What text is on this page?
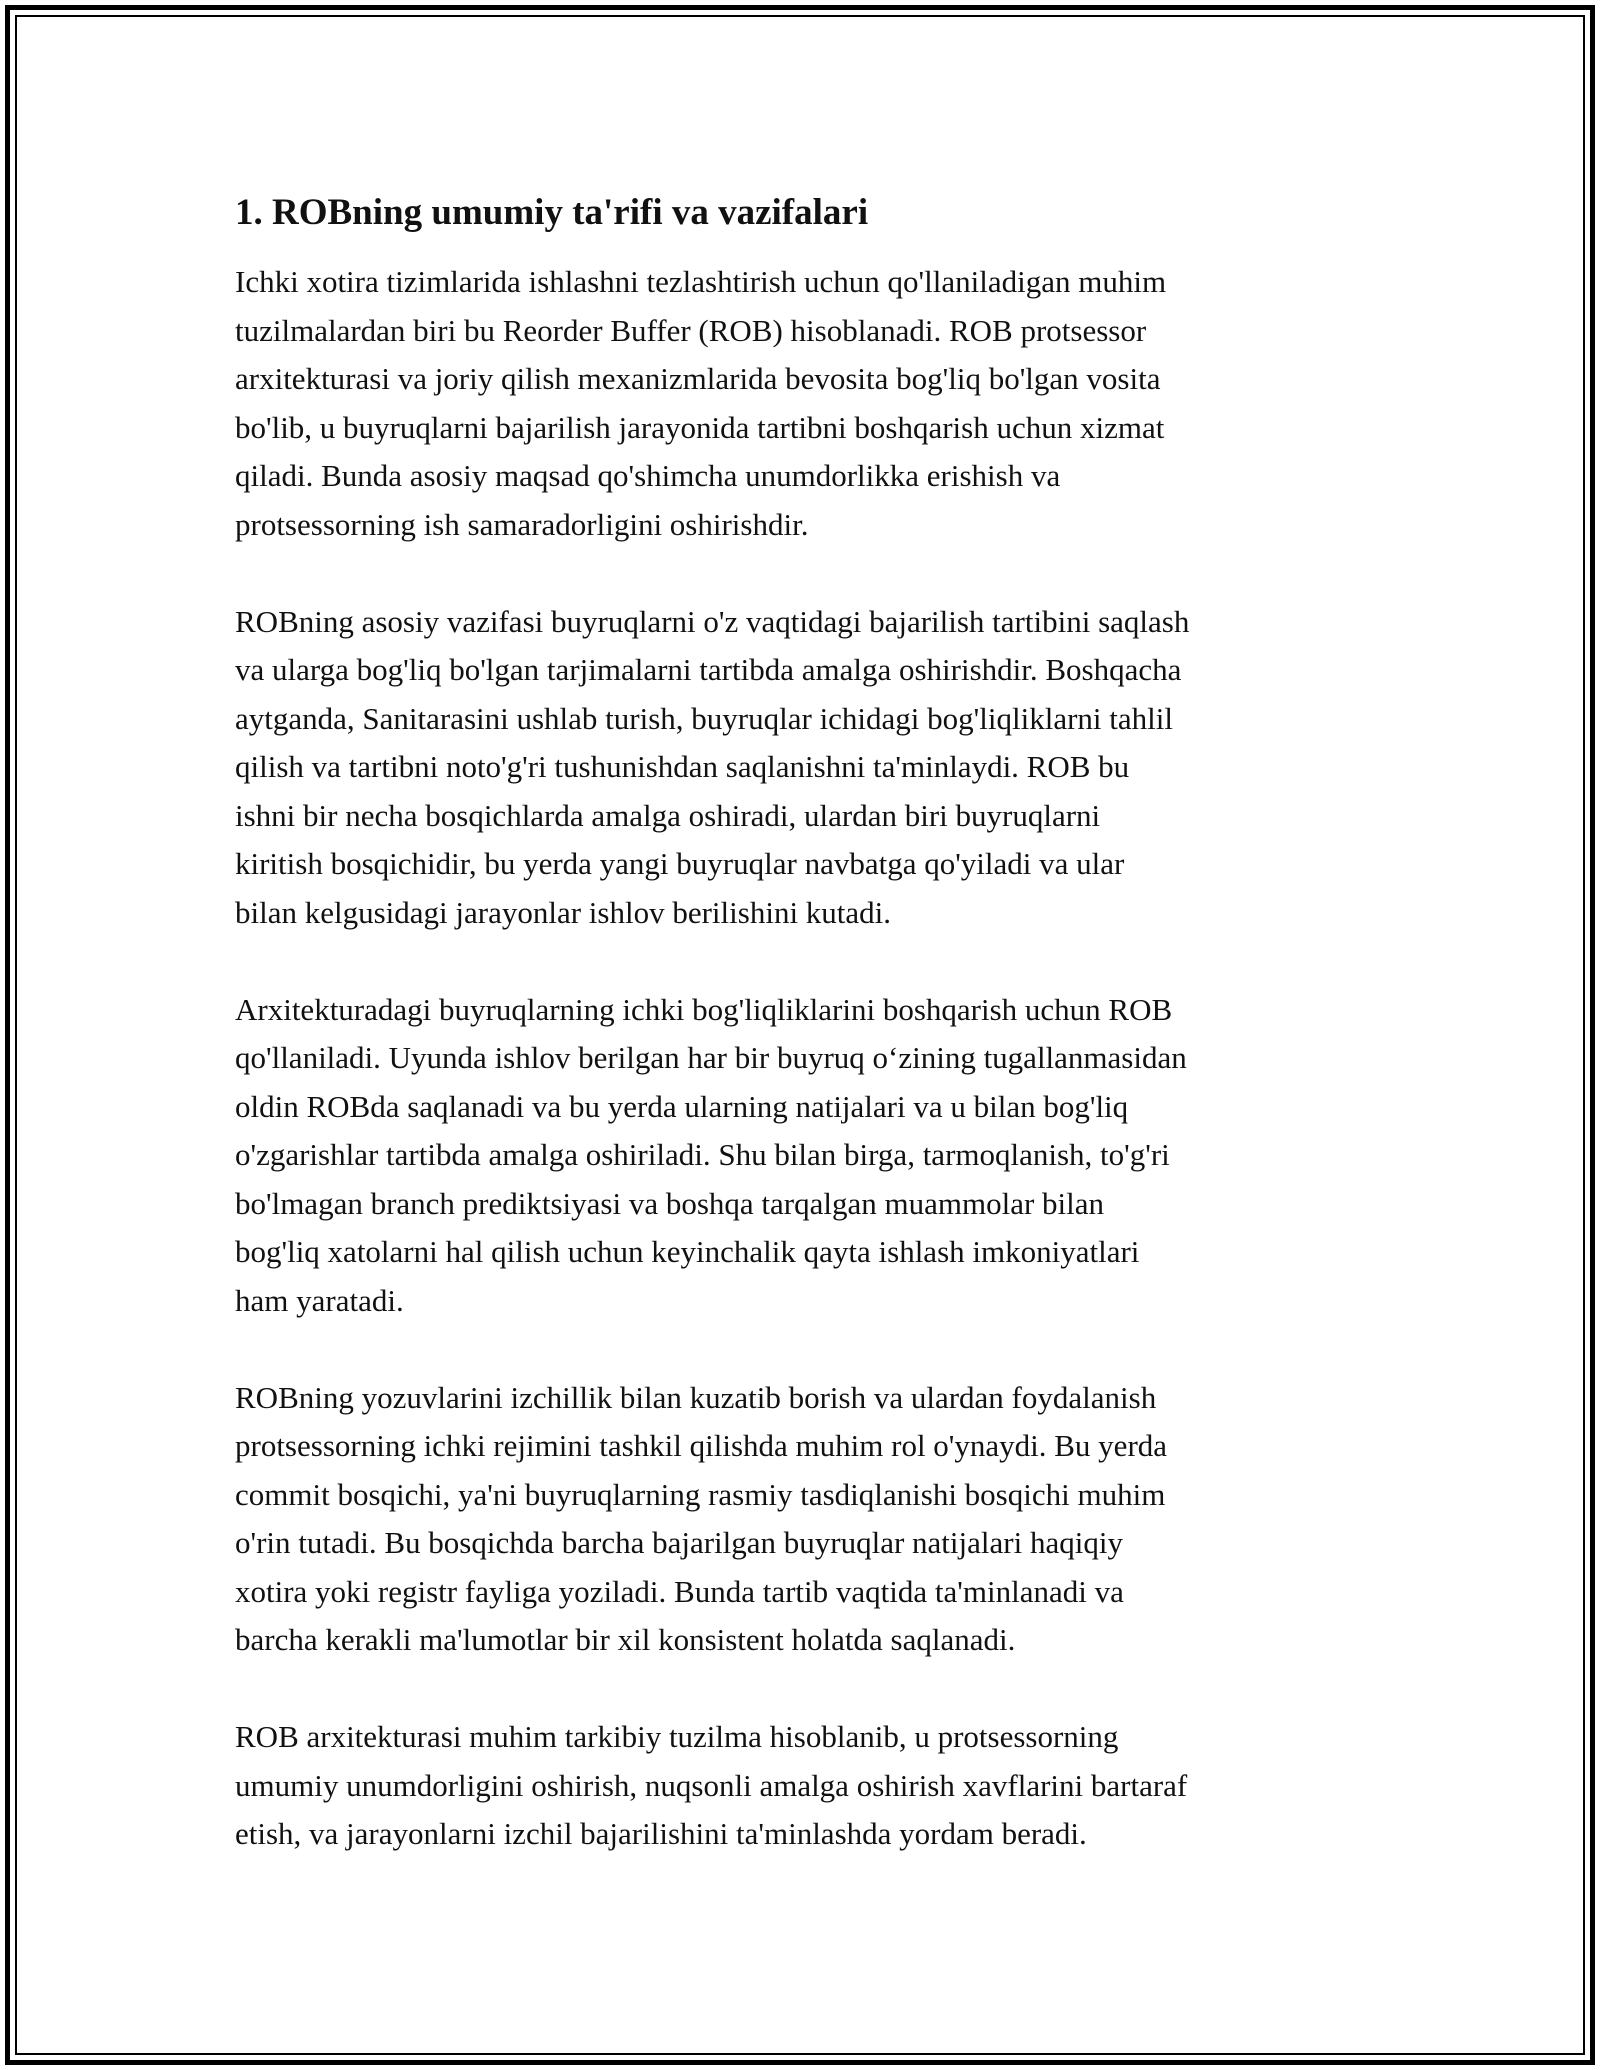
1. ROBning umumiy ta'rifi va vazifalari

Ichki xotira tizimlarida ishlashni tezlashtirish uchun qo'llaniladigan muhim
tuzilmalardan biri bu Reorder Buffer (ROB) hisoblanadi. ROB protsessor
arxitekturasi va joriy qilish mexanizmlarida bevosita bog'liq bo'lgan vosita
bo'lib, u buyruqlarni bajarilish jarayonida tartibni boshqarish uchun xizmat
qiladi. Bunda asosiy maqsad qo'shimcha unumdorlikka erishish va
protsessorning ish samaradorligini oshirishdir.

ROBning asosiy vazifasi buyruqlarni o'z vaqtidagi bajarilish tartibini saqlash
va ularga bog'liq bo'lgan tarjimalarni tartibda amalga oshirishdir. Boshqacha
aytganda, Sanitarasini ushlab turish, buyruqlar ichidagi bog'liqliklarni tahlil
qilish va tartibni noto'g'ri tushunishdan saqlanishni ta'minlaydi. ROB bu
ishni bir necha bosqichlarda amalga oshiradi, ulardan biri buyruqlarni
kiritish bosqichidir, bu yerda yangi buyruqlar navbatga qo'yiladi va ular
bilan kelgusidagi jarayonlar ishlov berilishini kutadi.

Arxitekturadagi buyruqlarning ichki bog'liqliklarini boshqarish uchun ROB
qo'llaniladi. Uyunda ishlov berilgan har bir buyruq o‘zining tugallanmasidan
oldin ROBda saqlanadi va bu yerda ularning natijalari va u bilan bog'liq
o'zgarishlar tartibda amalga oshiriladi. Shu bilan birga, tarmoqlanish, to'g'ri
bo'lmagan branch prediktsiyasi va boshqa tarqalgan muammolar bilan
bog'liq xatolarni hal qilish uchun keyinchalik qayta ishlash imkoniyatlari
ham yaratadi.

ROBning yozuvlarini izchillik bilan kuzatib borish va ulardan foydalanish
protsessorning ichki rejimini tashkil qilishda muhim rol o'ynaydi. Bu yerda
commit bosqichi, ya'ni buyruqlarning rasmiy tasdiqlanishi bosqichi muhim
o'rin tutadi. Bu bosqichda barcha bajarilgan buyruqlar natijalari haqiqiy
xotira yoki registr fayliga yoziladi. Bunda tartib vaqtida ta'minlanadi va
barcha kerakli ma'lumotlar bir xil konsistent holatda saqlanadi.

ROB arxitekturasi muhim tarkibiy tuzilma hisoblanib, u protsessorning
umumiy unumdorligini oshirish, nuqsonli amalga oshirish xavflarini bartaraf
etish, va jarayonlarni izchil bajarilishini ta'minlashda yordam beradi.
